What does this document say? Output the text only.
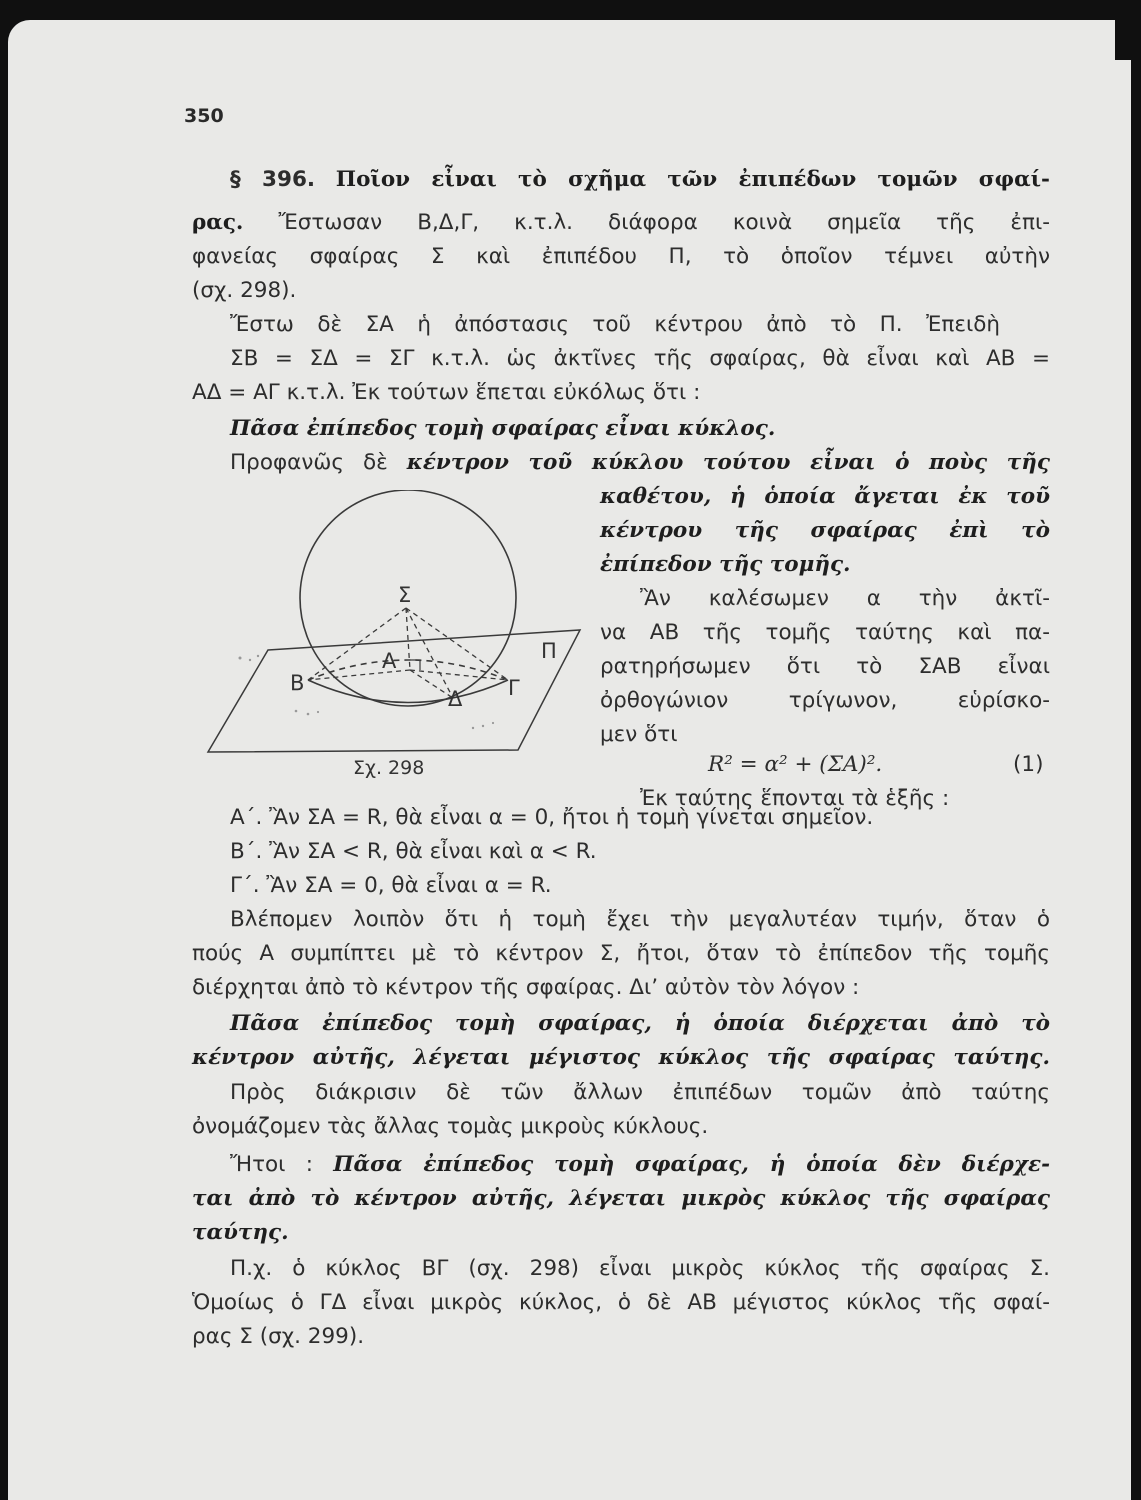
350
§ 396. Ποῖον εἶναι τὸ σχῆμα τῶν ἐπιπέδων τομῶν σφαί-
ρας. Ἔστωσαν Β,Δ,Γ, κ.τ.λ. διάφορα κοινὰ σημεῖα τῆς ἐπι-
φανείας σφαίρας Σ καὶ ἐπιπέδου Π, τὸ ὁποῖον τέμνει αὐτὴν
(σχ. 298).
Ἔστω δὲ ΣΑ ἡ ἀπόστασις τοῦ κέντρου ἀπὸ τὸ Π. Ἐπειδὴ
ΣΒ = ΣΔ = ΣΓ κ.τ.λ. ὡς ἀκτῖνες τῆς σφαίρας, θὰ εἶναι καὶ ΑΒ =
ΑΔ = ΑΓ κ.τ.λ. Ἐκ τούτων ἕπεται εὐκόλως ὅτι :
Πᾶσα ἐπίπεδος τομὴ σφαίρας εἶναι κύκλος.
Προφανῶς δὲ κέντρον τοῦ κύκλου τούτου εἶναι ὁ ποὺς τῆς
καθέτου, ἡ ὁποία ἄγεται ἐκ τοῦ
κέντρου τῆς σφαίρας ἐπὶ τὸ
ἐπίπεδον τῆς τομῆς.
Ἂν καλέσωμεν α τὴν ἀκτῖ-
να ΑΒ τῆς τομῆς ταύτης καὶ πα-
ρατηρήσωμεν ὅτι τὸ ΣΑΒ εἶναι
ὀρθογώνιον τρίγωνον, εὑρίσκο-
μεν ὅτι
R² = α² + (ΣΑ)².	(1)
Ἐκ ταύτης ἕπονται τὰ ἑξῆς :
Σ
Α
Β	Γ
Δ
Π
Σχ. 298
Α΄. Ἂν ΣΑ = R, θὰ εἶναι α = 0, ἤτοι ἡ τομὴ γίνεται σημεῖον.
Β΄. Ἂν ΣΑ < R, θὰ εἶναι καὶ α < R.
Γ΄. Ἂν ΣΑ = 0, θὰ εἶναι α = R.
Βλέπομεν λοιπὸν ὅτι ἡ τομὴ ἔχει τὴν μεγαλυτέαν τιμήν, ὅταν ὁ
πούς Α συμπίπτει μὲ τὸ κέντρον Σ, ἤτοι, ὅταν τὸ ἐπίπεδον τῆς τομῆς
διέρχηται ἀπὸ τὸ κέντρον τῆς σφαίρας. Δι’ αὐτὸν τὸν λόγον :
Πᾶσα ἐπίπεδος τομὴ σφαίρας, ἡ ὁποία διέρχεται ἀπὸ τὸ
κέντρον αὐτῆς, λέγεται μέγιστος κύκλος τῆς σφαίρας ταύτης.
Πρὸς διάκρισιν δὲ τῶν ἄλλων ἐπιπέδων τομῶν ἀπὸ ταύτης
ὀνομάζομεν τὰς ἄλλας τομὰς μικροὺς κύκλους.
Ἤτοι : Πᾶσα ἐπίπεδος τομὴ σφαίρας, ἡ ὁποία δὲν διέρχε-
ται ἀπὸ τὸ κέντρον αὐτῆς, λέγεται μικρὸς κύκλος τῆς σφαίρας
ταύτης.
Π.χ. ὁ κύκλος ΒΓ (σχ. 298) εἶναι μικρὸς κύκλος τῆς σφαίρας Σ.
Ὁμοίως ὁ ΓΔ εἶναι μικρὸς κύκλος, ὁ δὲ ΑΒ μέγιστος κύκλος τῆς σφαί-
ρας Σ (σχ. 299).
